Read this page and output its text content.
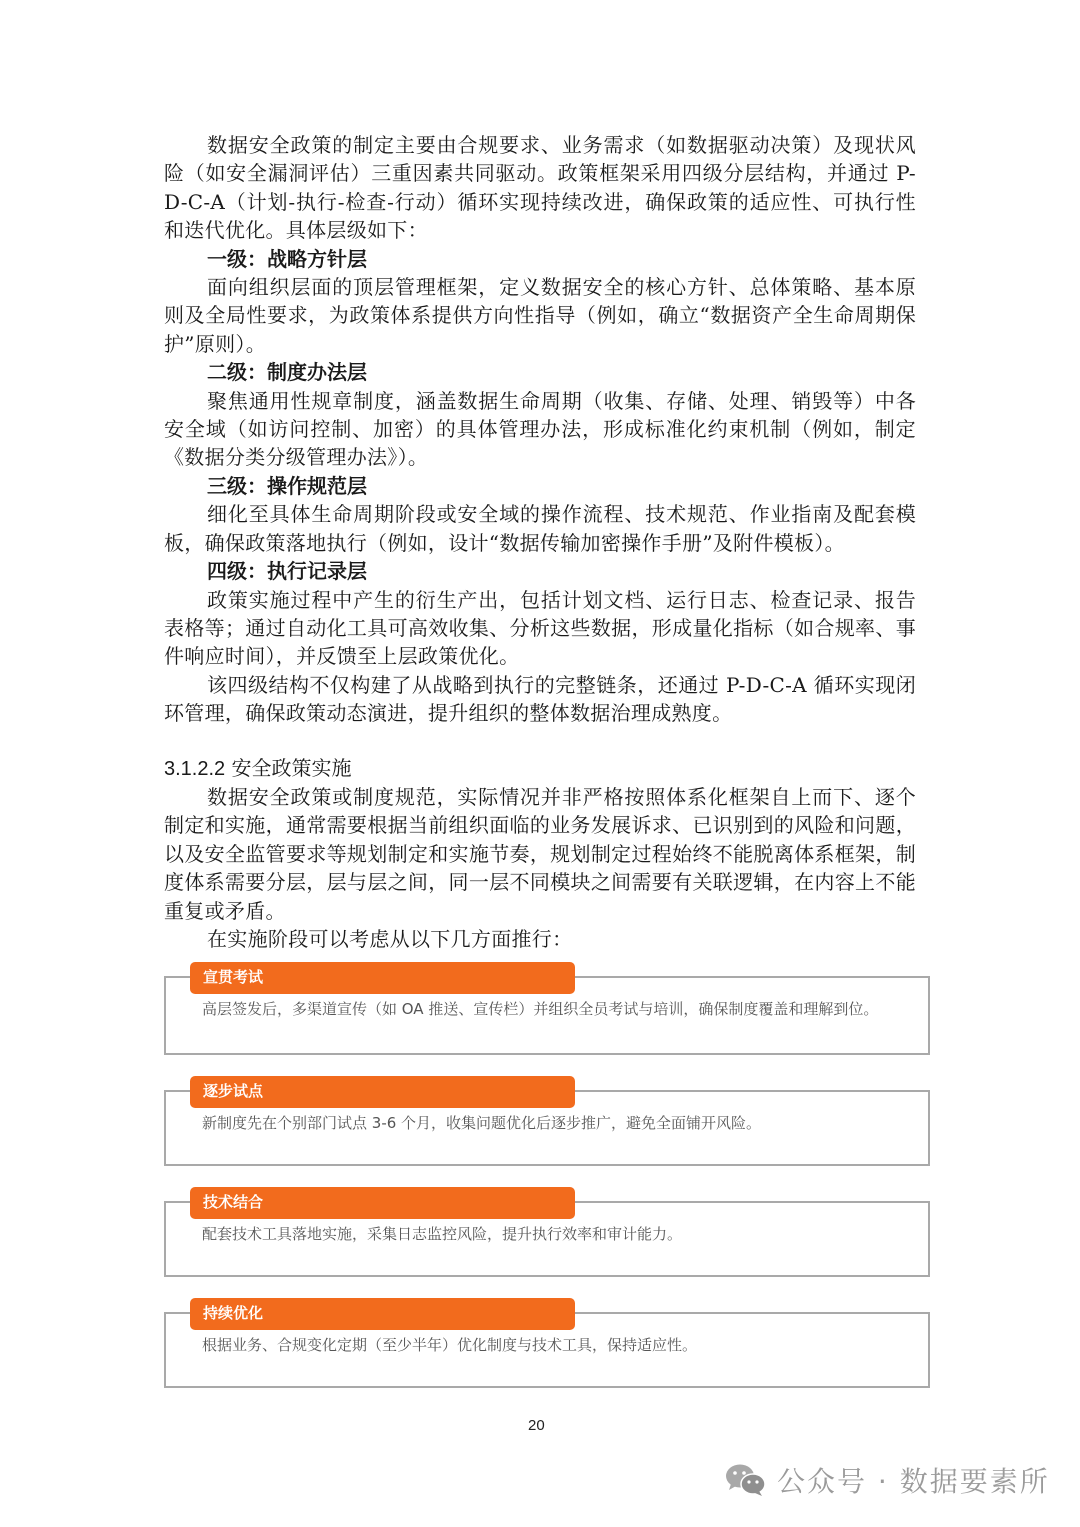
数据安全政策的制定主要由合规要求、业务需求（如数据驱动决策）及现状风险（如安全漏洞评估）三重因素共同驱动。政策框架采用四级分层结构，并通过 P-D-C-A（计划-执行-检查-行动）循环实现持续改进，确保政策的适应性、可执行性和迭代优化。具体层级如下：

一级：战略方针层

面向组织层面的顶层管理框架，定义数据安全的核心方针、总体策略、基本原则及全局性要求，为政策体系提供方向性指导（例如，确立“数据资产全生命周期保护”原则）。

二级：制度办法层

聚焦通用性规章制度，涵盖数据生命周期（收集、存储、处理、销毁等）中各安全域（如访问控制、加密）的具体管理办法，形成标准化约束机制（例如，制定《数据分类分级管理办法》）。

三级：操作规范层

细化至具体生命周期阶段或安全域的操作流程、技术规范、作业指南及配套模板，确保政策落地执行（例如，设计“数据传输加密操作手册”及附件模板）。

四级：执行记录层

政策实施过程中产生的衍生产出，包括计划文档、运行日志、检查记录、报告表格等；通过自动化工具可高效收集、分析这些数据，形成量化指标（如合规率、事件响应时间），并反馈至上层政策优化。

该四级结构不仅构建了从战略到执行的完整链条，还通过 P-D-C-A 循环实现闭环管理，确保政策动态演进，提升组织的整体数据治理成熟度。

3.1.2.2 安全政策实施

数据安全政策或制度规范，实际情况并非严格按照体系化框架自上而下、逐个制定和实施，通常需要根据当前组织面临的业务发展诉求、已识别到的风险和问题，以及安全监管要求等规划制定和实施节奏，规划制定过程始终不能脱离体系框架，制度体系需要分层，层与层之间，同一层不同模块之间需要有关联逻辑，在内容上不能重复或矛盾。

在实施阶段可以考虑从以下几方面推行：

宣贯考试
高层签发后，多渠道宣传（如 OA 推送、宣传栏）并组织全员考试与培训，确保制度覆盖和理解到位。
逐步试点
新制度先在个别部门试点 3-6 个月，收集问题优化后逐步推广，避免全面铺开风险。
技术结合
配套技术工具落地实施，采集日志监控风险，提升执行效率和审计能力。
持续优化
根据业务、合规变化定期（至少半年）优化制度与技术工具，保持适应性。
20
公众号 · 数据要素所
